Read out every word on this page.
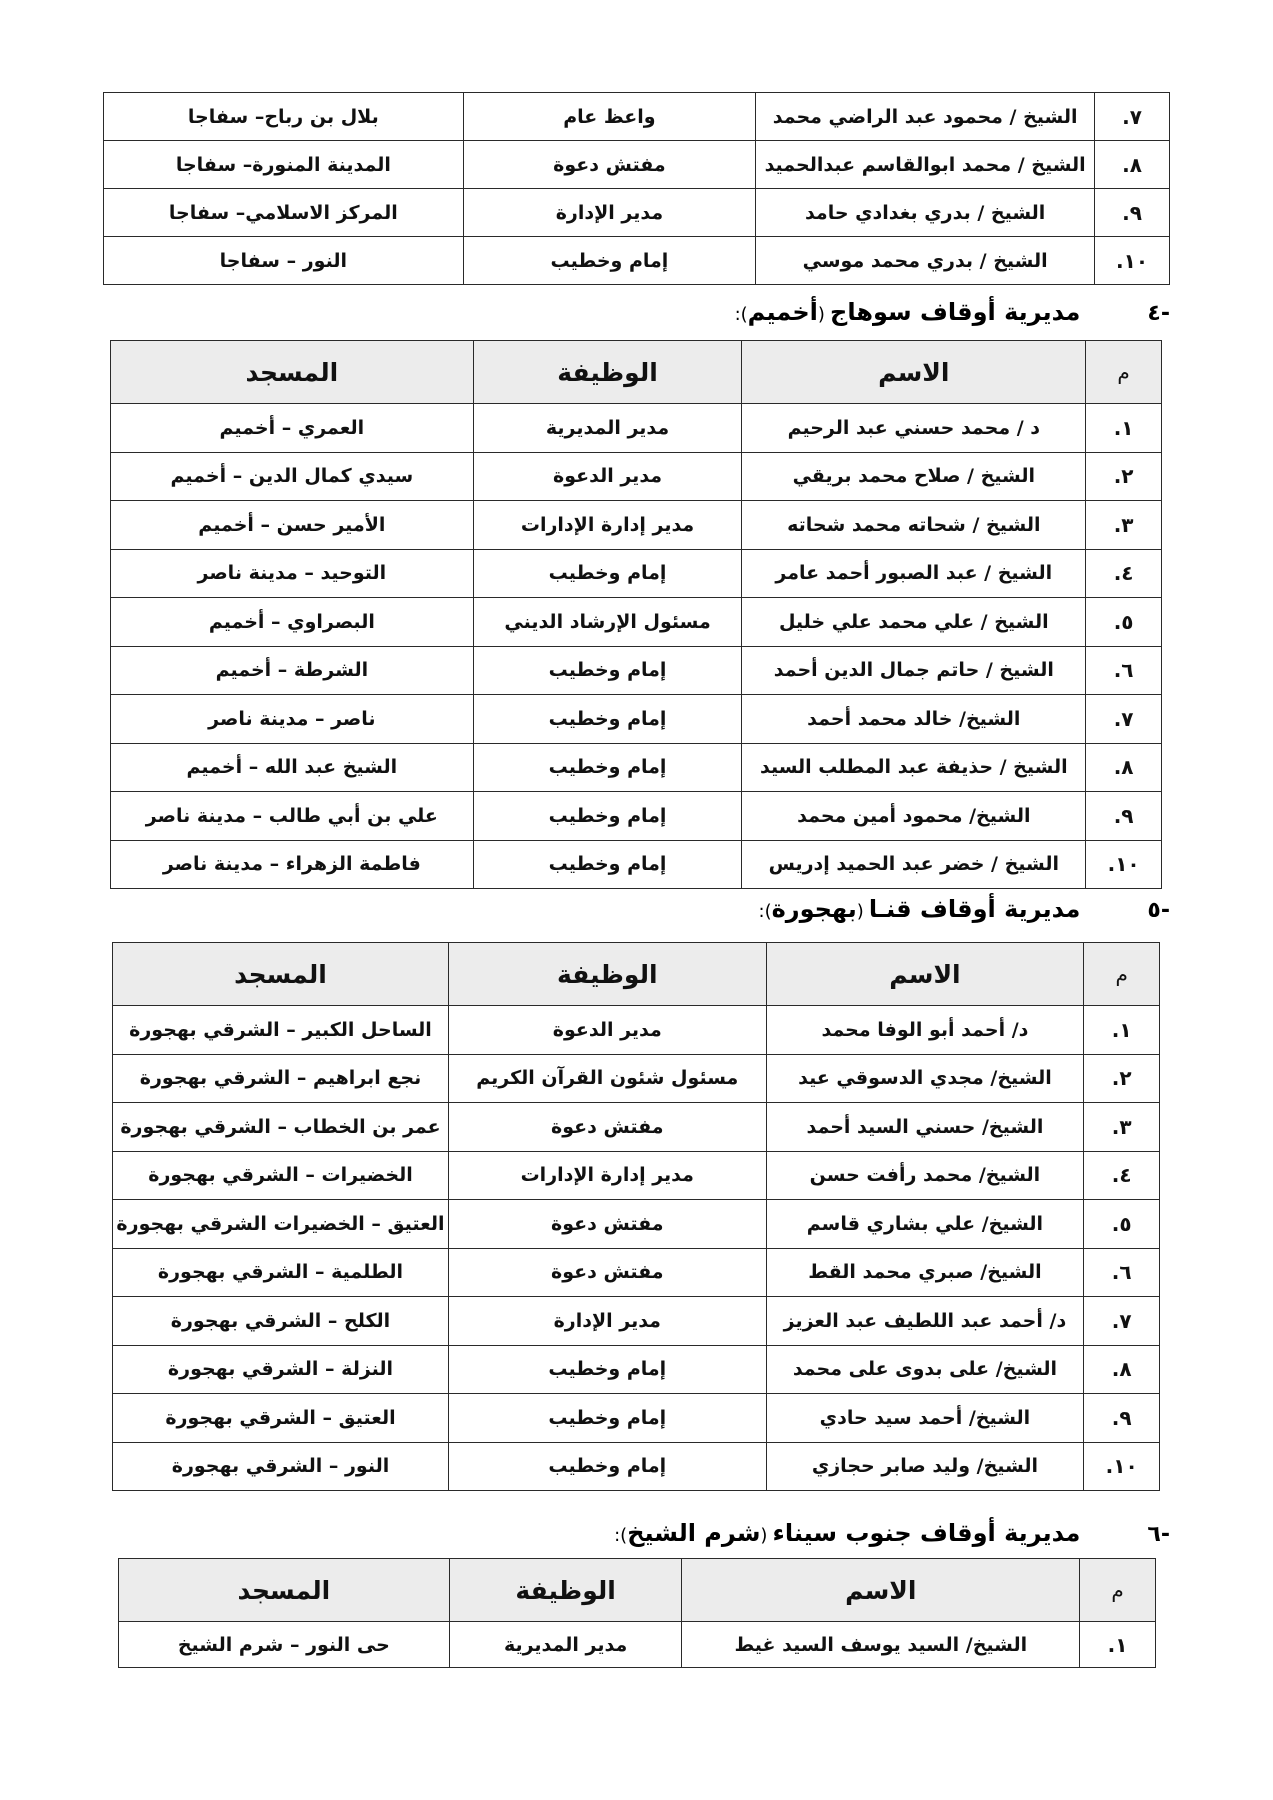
٧.	الشيخ / محمود عبد الراضي محمد	واعظ عام	بلال بن رباح– سفاجا
٨.	الشيخ / محمد ابوالقاسم عبدالحميد	مفتش دعوة	المدينة المنورة– سفاجا
٩.	الشيخ / بدري بغدادي حامد	مدير الإدارة	المركز الاسلامي– سفاجا
١٠.	الشيخ / بدري محمد موسي	إمام وخطيب	النور – سفاجا
-٤ مديرية أوقاف سوهاج (أخميم):
م	الاسم	الوظيفة	المسجد
١.	د / محمد حسني عبد الرحيم	مدير المديرية	العمري – أخميم
٢.	الشيخ / صلاح محمد بريقي	مدير الدعوة	سيدي كمال الدين – أخميم
٣.	الشيخ / شحاته محمد شحاته	مدير إدارة الإدارات	الأمير حسن – أخميم
٤.	الشيخ / عبد الصبور أحمد عامر	إمام وخطيب	التوحيد – مدينة ناصر
٥.	الشيخ / علي محمد علي خليل	مسئول الإرشاد الديني	البصراوي – أخميم
٦.	الشيخ / حاتم جمال الدين أحمد	إمام وخطيب	الشرطة – أخميم
٧.	الشيخ/ خالد محمد أحمد	إمام وخطيب	ناصر – مدينة ناصر
٨.	الشيخ / حذيفة عبد المطلب السيد	إمام وخطيب	الشيخ عبد الله – أخميم
٩.	الشيخ/ محمود أمين محمد	إمام وخطيب	علي بن أبي طالب – مدينة ناصر
١٠.	الشيخ / خضر عبد الحميد إدريس	إمام وخطيب	فاطمة الزهراء – مدينة ناصر
-٥ مديرية أوقاف قنـا (بهجورة):
م	الاسم	الوظيفة	المسجد
١.	د/ أحمد أبو الوفا محمد	مدير الدعوة	الساحل الكبير – الشرقي بهجورة
٢.	الشيخ/ مجدي الدسوقي عيد	مسئول شئون القرآن الكريم	نجع ابراهيم – الشرقي بهجورة
٣.	الشيخ/ حسني السيد أحمد	مفتش دعوة	عمر بن الخطاب – الشرقي بهجورة
٤.	الشيخ/ محمد رأفت حسن	مدير إدارة الإدارات	الخضيرات – الشرقي بهجورة
٥.	الشيخ/ علي بشاري قاسم	مفتش دعوة	العتيق – الخضيرات الشرقي بهجورة
٦.	الشيخ/ صبري محمد القط	مفتش دعوة	الطلمية – الشرقي بهجورة
٧.	د/ أحمد عبد اللطيف عبد العزيز	مدير الإدارة	الكلح – الشرقي بهجورة
٨.	الشيخ/ على بدوى على محمد	إمام وخطيب	النزلة – الشرقي بهجورة
٩.	الشيخ/ أحمد سيد حادي	إمام وخطيب	العتيق – الشرقي بهجورة
١٠.	الشيخ/ وليد صابر حجازي	إمام وخطيب	النور – الشرقي بهجورة
-٦ مديرية أوقاف جنوب سيناء (شرم الشيخ):
م	الاسم	الوظيفة	المسجد
١.	الشيخ/ السيد يوسف السيد غيط	مدير المديرية	حى النور – شرم الشيخ
